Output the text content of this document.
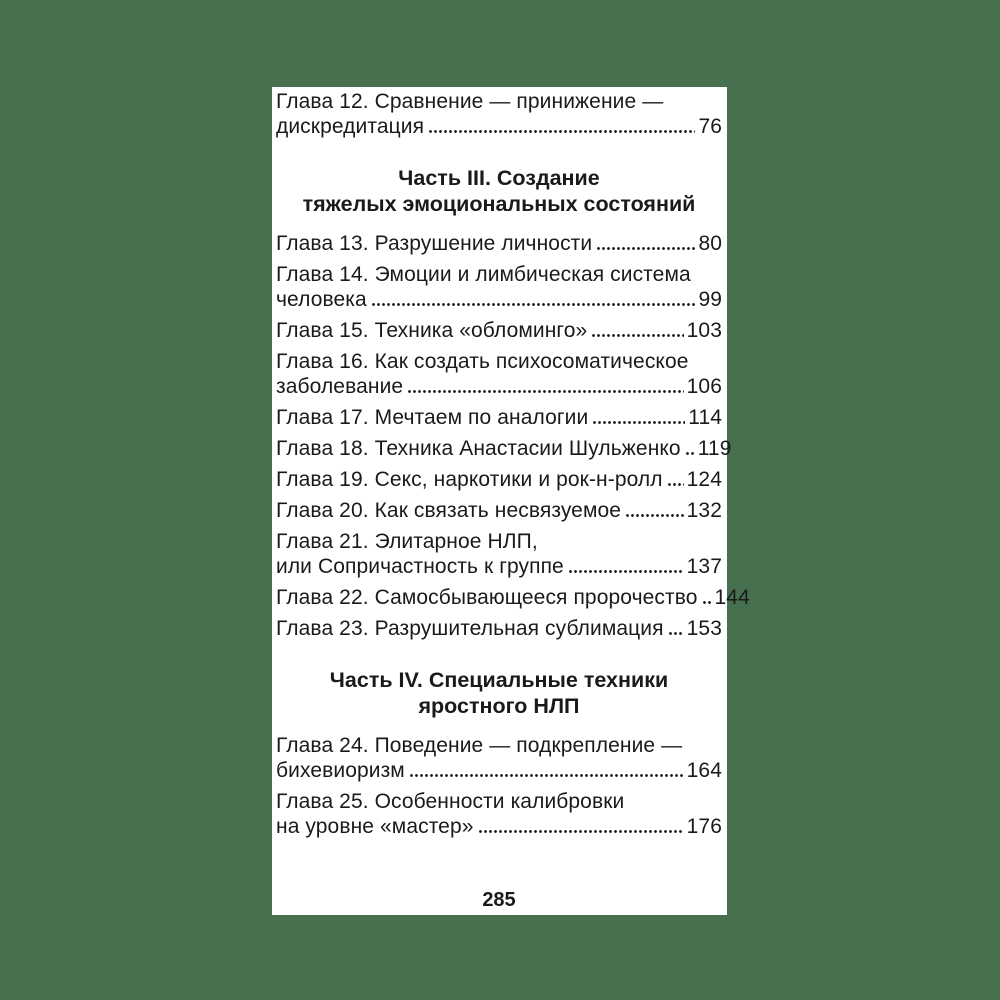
Глава 12. Сравнение — принижение —
дискредитация	76
Часть III. Создание
тяжелых эмоциональных состояний
Глава 13. Разрушение личности	80
Глава 14. Эмоции и лимбическая система
человека	99
Глава 15. Техника «обломинго»	103
Глава 16. Как создать психосоматическое
заболевание	106
Глава 17. Мечтаем по аналогии	114
Глава 18. Техника Анастасии Шульженко 119
Глава 19. Секс, наркотики и рок-н-ролл 124
Глава 20. Как связать несвязуемое	132
Глава 21. Элитарное НЛП,
или Сопричастность к группе	137
Глава 22. Самосбывающееся пророчество 144
Глава 23. Разрушительная сублимация 153
Часть IV. Специальные техники
яростного НЛП
Глава 24. Поведение — подкрепление —
бихевиоризм	164
Глава 25. Особенности калибровки
на уровне «мастер»	176
285
